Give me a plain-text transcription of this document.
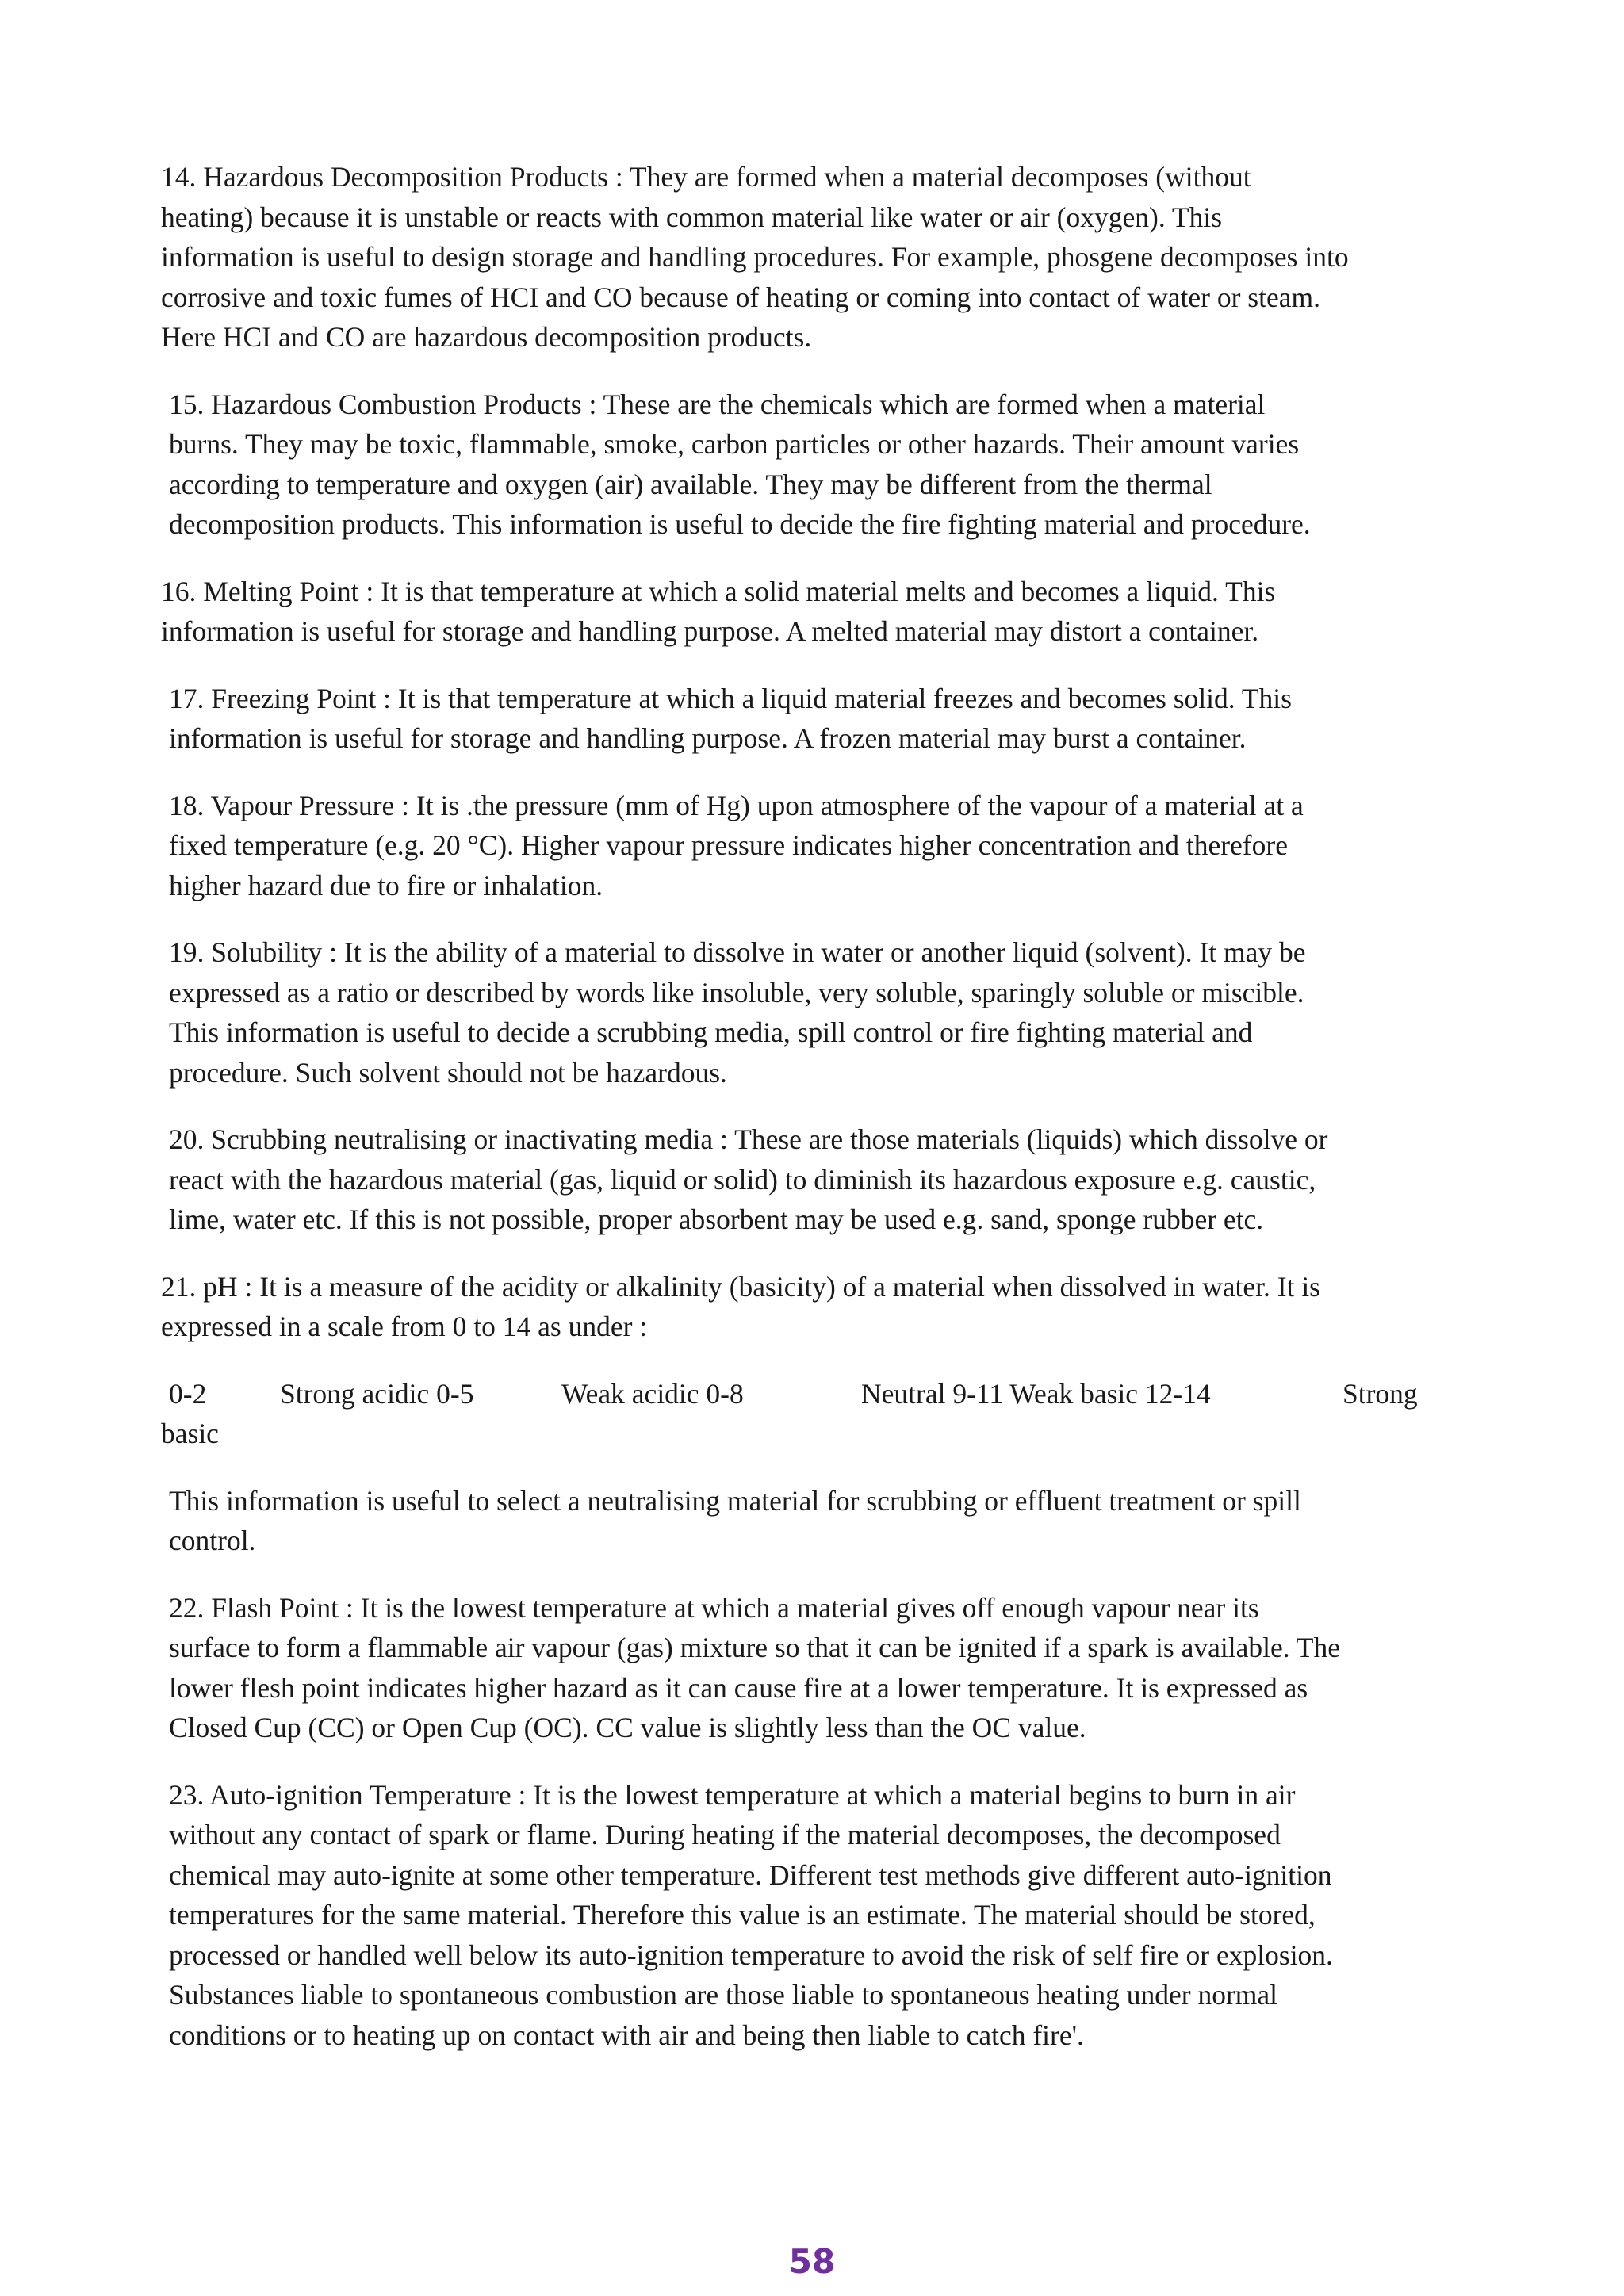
14. Hazardous Decomposition Products : They are formed when a material decomposes (without
heating) because it is unstable or reacts with common material like water or air (oxygen). This
information is useful to design storage and handling procedures. For example, phosgene decomposes into
corrosive and toxic fumes of HCI and CO because of heating or coming into contact of water or steam.
Here HCI and CO are hazardous decomposition products.
15. Hazardous Combustion Products : These are the chemicals which are formed when a material
burns. They may be toxic, flammable, smoke, carbon particles or other hazards. Their amount varies
according to temperature and oxygen (air) available. They may be different from the thermal
decomposition products. This information is useful to decide the fire fighting material and procedure.
16. Melting Point : It is that temperature at which a solid material melts and becomes a liquid. This
information is useful for storage and handling purpose. A melted material may distort a container.
17. Freezing Point : It is that temperature at which a liquid material freezes and becomes solid. This
information is useful for storage and handling purpose. A frozen material may burst a container.
18. Vapour Pressure : It is .the pressure (mm of Hg) upon atmosphere of the vapour of a material at a
fixed temperature (e.g. 20 °C). Higher vapour pressure indicates higher concentration and therefore
higher hazard due to fire or inhalation.
19. Solubility : It is the ability of a material to dissolve in water or another liquid (solvent). It may be
expressed as a ratio or described by words like insoluble, very soluble, sparingly soluble or miscible.
This information is useful to decide a scrubbing media, spill control or fire fighting material and
procedure. Such solvent should not be hazardous.
20. Scrubbing neutralising or inactivating media : These are those materials (liquids) which dissolve or
react with the hazardous material (gas, liquid or solid) to diminish its hazardous exposure e.g. caustic,
lime, water etc. If this is not possible, proper absorbent may be used e.g. sand, sponge rubber etc.
21. pH : It is a measure of the acidity or alkalinity (basicity) of a material when dissolved in water. It is
expressed in a scale from 0 to 14 as under :
0-2	Strong acidic 0-5	Weak acidic 0-8	Neutral 9-11 Weak basic 12-14	Strong
basic
This information is useful to select a neutralising material for scrubbing or effluent treatment or spill
control.
22. Flash Point : It is the lowest temperature at which a material gives off enough vapour near its
surface to form a flammable air vapour (gas) mixture so that it can be ignited if a spark is available. The
lower flesh point indicates higher hazard as it can cause fire at a lower temperature. It is expressed as
Closed Cup (CC) or Open Cup (OC). CC value is slightly less than the OC value.
23. Auto-ignition Temperature : It is the lowest temperature at which a material begins to burn in air
without any contact of spark or flame. During heating if the material decomposes, the decomposed
chemical may auto-ignite at some other temperature. Different test methods give different auto-ignition
temperatures for the same material. Therefore this value is an estimate. The material should be stored,
processed or handled well below its auto-ignition temperature to avoid the risk of self fire or explosion.
Substances liable to spontaneous combustion are those liable to spontaneous heating under normal
conditions or to heating up on contact with air and being then liable to catch fire'.
58
